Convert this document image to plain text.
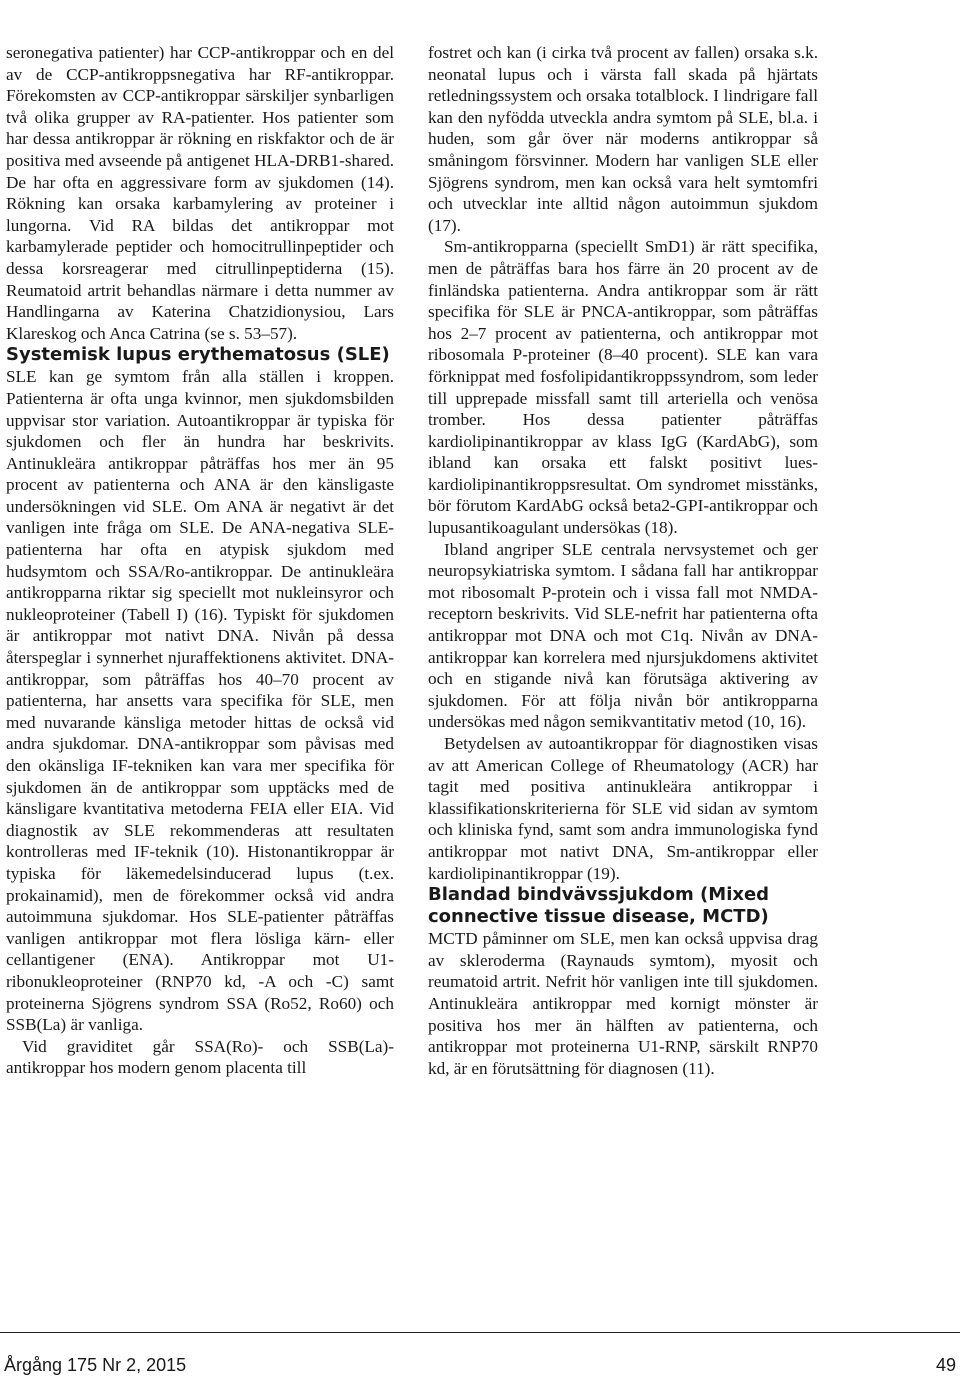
seronegativa patienter) har CCP-antikroppar och en del av de CCP-antikroppsnegativa har RF-antikroppar. Förekomsten av CCP-antikroppar särskiljer synbarligen två olika grupper av RA-patienter. Hos patienter som har dessa antikroppar är rökning en riskfaktor och de är positiva med avseende på antigenet HLA-DRB1-shared. De har ofta en aggressivare form av sjukdomen (14). Rökning kan orsaka karbamylering av proteiner i lungorna. Vid RA bildas det antikroppar mot karbamylerade peptider och homocitrullinpeptider och dessa korsreagerar med citrullinpeptiderna (15). Reumatoid artrit behandlas närmare i detta nummer av Handlingarna av Katerina Chatzidionysiou, Lars Klareskog och Anca Catrina (se s. 53–57).

Systemisk lupus erythematosus (SLE)

SLE kan ge symtom från alla ställen i kroppen. Patienterna är ofta unga kvinnor, men sjukdomsbilden uppvisar stor variation. Autoantikroppar är typiska för sjukdomen och fler än hundra har beskrivits. Antinukleära antikroppar påträffas hos mer än 95 procent av patienterna och ANA är den känsligaste undersökningen vid SLE. Om ANA är negativt är det vanligen inte fråga om SLE. De ANA-negativa SLE-patienterna har ofta en atypisk sjukdom med hudsymtom och SSA/Ro-antikroppar. De antinukleära antikropparna riktar sig speciellt mot nukleinsyror och nukleoproteiner (Tabell I) (16). Typiskt för sjukdomen är antikroppar mot nativt DNA. Nivån på dessa återspeglar i synnerhet njuraffektionens aktivitet. DNA-antikroppar, som påträffas hos 40–70 procent av patienterna, har ansetts vara specifika för SLE, men med nuvarande känsliga metoder hittas de också vid andra sjukdomar. DNA-antikroppar som påvisas med den okänsliga IF-tekniken kan vara mer specifika för sjukdomen än de antikroppar som upptäcks med de känsligare kvantitativa metoderna FEIA eller EIA. Vid diagnostik av SLE rekommenderas att resultaten kontrolleras med IF-teknik (10). Histonantikroppar är typiska för läkemedelsinducerad lupus (t.ex. prokainamid), men de förekommer också vid andra autoimmuna sjukdomar. Hos SLE-patienter påträffas vanligen antikroppar mot flera lösliga kärn- eller cellantigener (ENA). Antikroppar mot U1-ribonukleoproteiner (RNP70 kd, -A och -C) samt proteinerna Sjögrens syndrom SSA (Ro52, Ro60) och SSB(La) är vanliga.

Vid graviditet går SSA(Ro)- och SSB(La)-antikroppar hos modern genom placenta till

fostret och kan (i cirka två procent av fallen) orsaka s.k. neonatal lupus och i värsta fall skada på hjärtats retledningssystem och orsaka totalblock. I lindrigare fall kan den nyfödda utveckla andra symtom på SLE, bl.a. i huden, som går över när moderns antikroppar så småningom försvinner. Modern har vanligen SLE eller Sjögrens syndrom, men kan också vara helt symtomfri och utvecklar inte alltid någon autoimmun sjukdom (17).

Sm-antikropparna (speciellt SmD1) är rätt specifika, men de påträffas bara hos färre än 20 procent av de finländska patienterna. Andra antikroppar som är rätt specifika för SLE är PNCA-antikroppar, som påträffas hos 2–7 procent av patienterna, och antikroppar mot ribosomala P-proteiner (8–40 procent). SLE kan vara förknippat med fosfolipidantikroppssyndrom, som leder till upprepade missfall samt till arteriella och venösa tromber. Hos dessa patienter påträffas kardiolipinantikroppar av klass IgG (KardAbG), som ibland kan orsaka ett falskt positivt lues-kardiolipinantikroppsresultat. Om syndromet misstänks, bör förutom KardAbG också beta2-GPI-antikroppar och lupusantikoagulant undersökas (18).

Ibland angriper SLE centrala nervsystemet och ger neuropsykiatriska symtom. I sådana fall har antikroppar mot ribosomalt P-protein och i vissa fall mot NMDA-receptorn beskrivits. Vid SLE-nefrit har patienterna ofta antikroppar mot DNA och mot C1q. Nivån av DNA-antikroppar kan korrelera med njursjukdomens aktivitet och en stigande nivå kan förutsäga aktivering av sjukdomen. För att följa nivån bör antikropparna undersökas med någon semikvantitativ metod (10, 16).

Betydelsen av autoantikroppar för diagnostiken visas av att American College of Rheumatology (ACR) har tagit med positiva antinukleära antikroppar i klassifikationskriterierna för SLE vid sidan av symtom och kliniska fynd, samt som andra immunologiska fynd antikroppar mot nativt DNA, Sm-antikroppar eller kardiolipinantikroppar (19).

Blandad bindvävssjukdom (Mixed connective tissue disease, MCTD)

MCTD påminner om SLE, men kan också uppvisa drag av skleroderma (Raynauds symtom), myosit och reumatoid artrit. Nefrit hör vanligen inte till sjukdomen. Antinukleära antikroppar med kornigt mönster är positiva hos mer än hälften av patienterna, och antikroppar mot proteinerna U1-RNP, särskilt RNP70 kd, är en förutsättning för diagnosen (11).

Årgång 175 Nr 2, 2015	49
